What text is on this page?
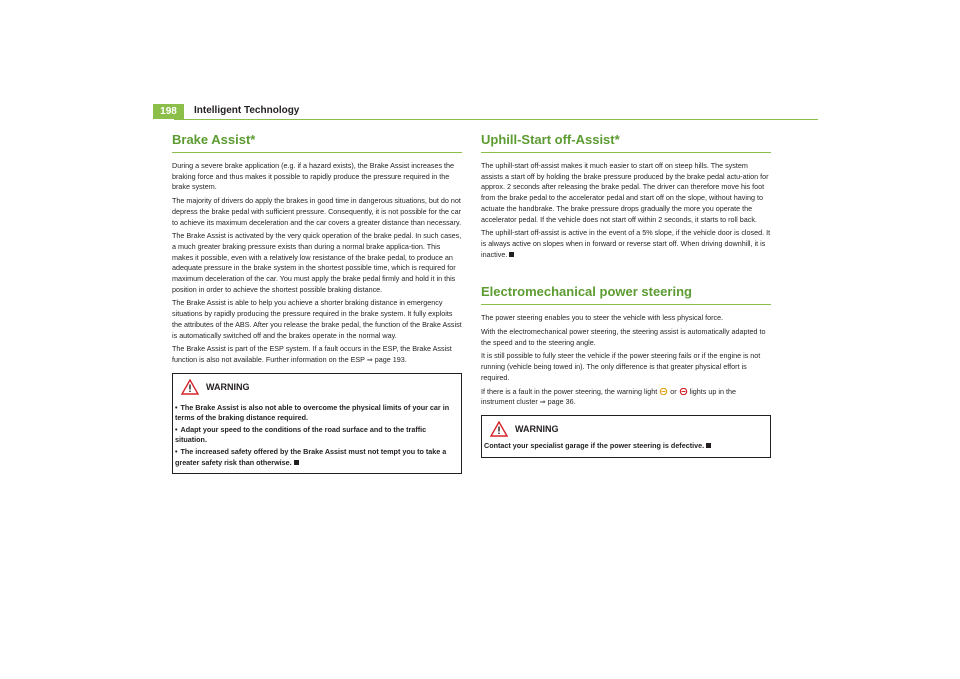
198	Intelligent Technology
Brake Assist*

During a severe brake application (e.g. if a hazard exists), the Brake Assist increases the braking force and thus makes it possible to rapidly produce the pressure required in the brake system.

The majority of drivers do apply the brakes in good time in dangerous situations, but do not depress the brake pedal with sufficient pressure. Consequently, it is not possible for the car to achieve its maximum deceleration and the car covers a greater distance than necessary.

The Brake Assist is activated by the very quick operation of the brake pedal. In such cases, a much greater braking pressure exists than during a normal brake applica-tion. This makes it possible, even with a relatively low resistance of the brake pedal, to produce an adequate pressure in the brake system in the shortest possible time, which is required for maximum deceleration of the car. You must apply the brake pedal firmly and hold it in this position in order to achieve the shortest possible braking distance.

The Brake Assist is able to help you achieve a shorter braking distance in emergency situations by rapidly producing the pressure required in the brake system. It fully exploits the attributes of the ABS. After you release the brake pedal, the function of the Brake Assist is automatically switched off and the brakes operate in the normal way.

The Brake Assist is part of the ESP system. If a fault occurs in the ESP, the Brake Assist function is also not available. Further information on the ESP ⇒ page 193.

WARNING
• The Brake Assist is also not able to overcome the physical limits of your car in terms of the braking distance required.
• Adapt your speed to the conditions of the road surface and to the traffic situation.
• The increased safety offered by the Brake Assist must not tempt you to take a greater safety risk than otherwise.
Uphill-Start off-Assist*

The uphill-start off-assist makes it much easier to start off on steep hills. The system assists a start off by holding the brake pressure produced by the brake pedal actu-ation for approx. 2 seconds after releasing the brake pedal. The driver can therefore move his foot from the brake pedal to the accelerator pedal and start off on the slope, without having to actuate the handbrake. The brake pressure drops gradually the more you operate the accelerator pedal. If the vehicle does not start off within 2 seconds, it starts to roll back.

The uphill-start off-assist is active in the event of a 5% slope, if the vehicle door is closed. It is always active on slopes when in forward or reverse start off. When driving downhill, it is inactive.

Electromechanical power steering

The power steering enables you to steer the vehicle with less physical force.

With the electromechanical power steering, the steering assist is automatically adapted to the speed and to the steering angle.

It is still possible to fully steer the vehicle if the power steering fails or if the engine is not running (vehicle being towed in). The only difference is that greater physical effort is required.

If there is a fault in the power steering, the warning light or lights up in the instrument cluster ⇒ page 36.

WARNING
Contact your specialist garage if the power steering is defective.
